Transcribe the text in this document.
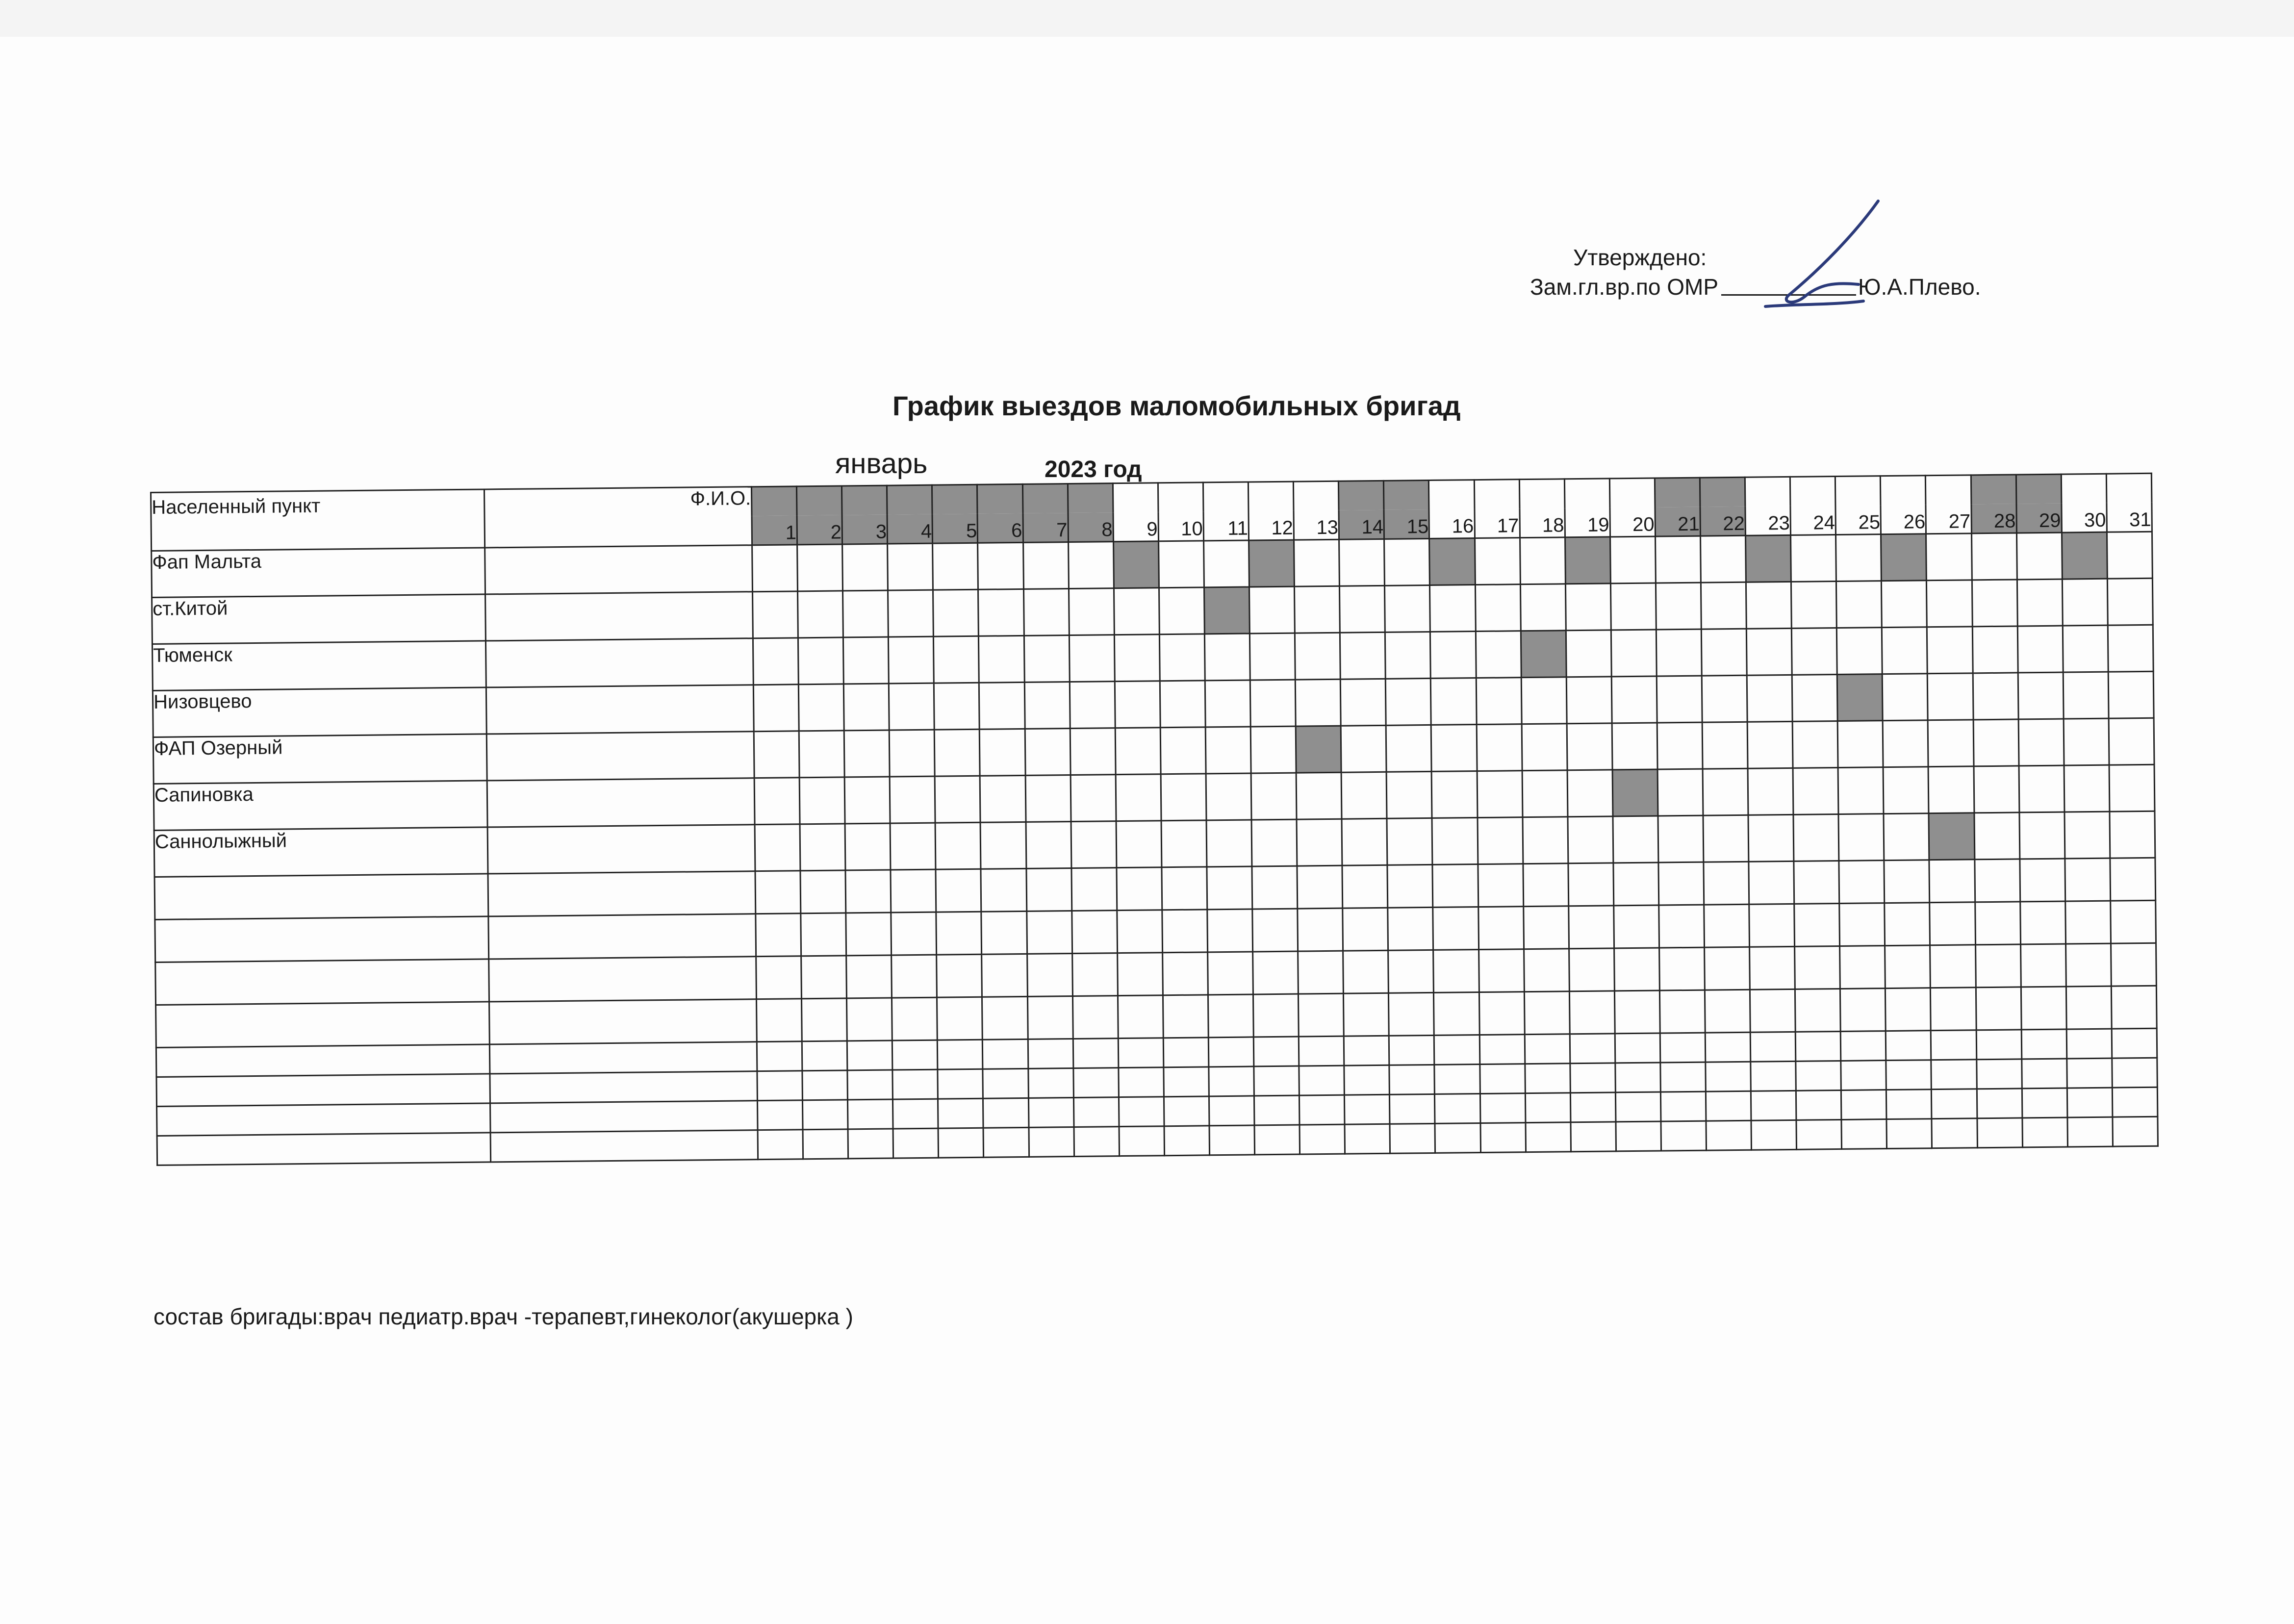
Утверждено:
Зам.гл.вр.по ОМР	Ю.А.Плево.
График выездов маломобильных бригад
январь	2023 год
Населенный пункт	Ф.И.О.																															
		1	2	3	4	5	6	7	8	9	10	11	12	13	14	15	16	17	18	19	20	21	22	23	24	25	26	27	28	29	30	31
Фап Мальта																																
ст.Китой																																
Тюменск																																
Низовцево																																
ФАП Озерный																																
Сапиновка																																
Саннолыжный																																

состав бригады:врач педиатр.врач -терапевт,гинеколог(акушерка )
